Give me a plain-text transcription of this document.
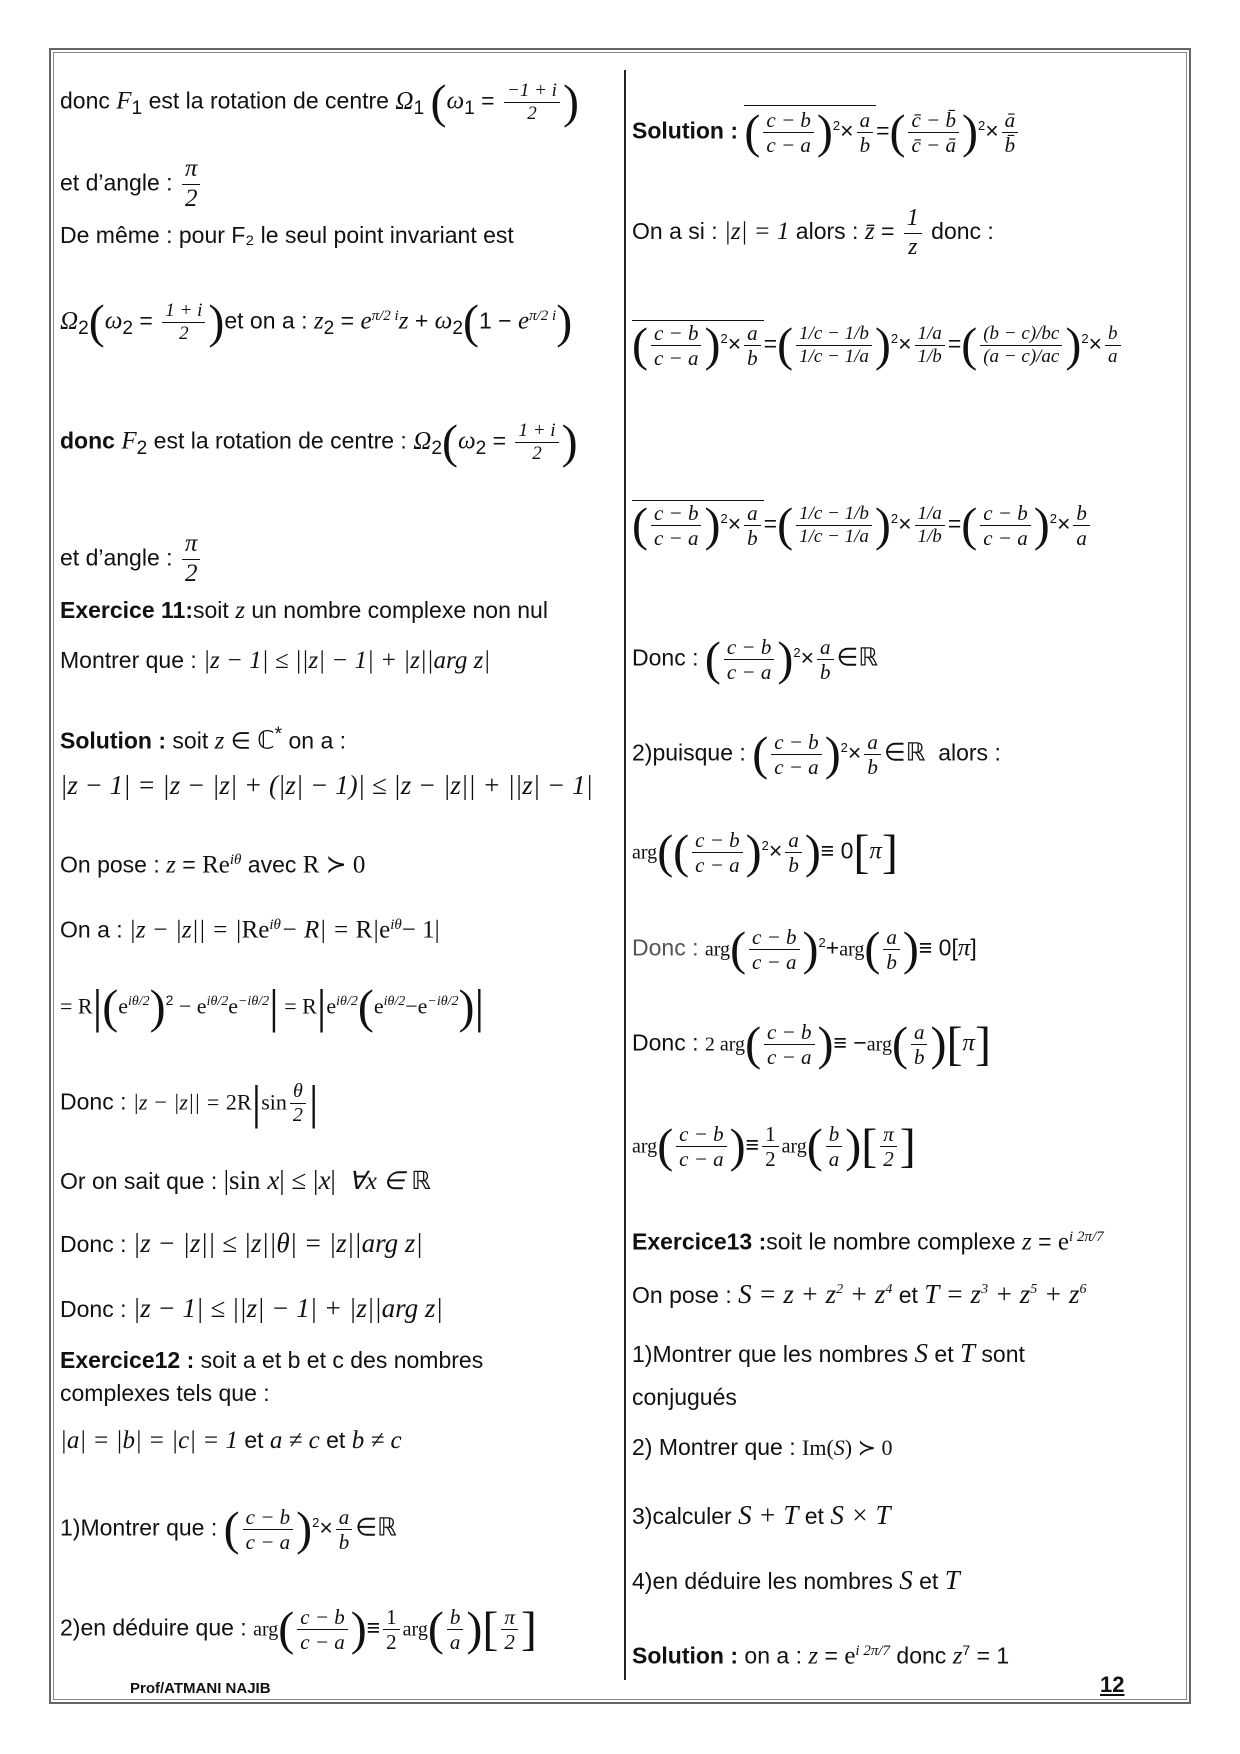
donc $F_1$ est la rotation de centre $\Omega_1$ ($\omega_1 = \frac{-1 + i}{2}$ )
et d’angle : $\frac{\pi}{2}$
De même : pour F₂ le seul point invariant est
$\Omega_2(\omega_2 = \frac{1 + i}{2} )et$ on a : $z_2 = e^{\pi/2 i}z + \omega_2(1 - e^{\pi/2 i})$
donc $F_2$ est la rotation de centre : $\Omega_2(\omega_2 = \frac{1 + i}{2}$ )
et d’angle : $\frac{\pi}{2}$
Exercice 11:soit z un nombre complexe non nul
Montrer que : |z − 1| ≤ ||z| − 1| + |z||arg z|
Solution : soit z ∈ ℂ* on a :
|z − 1| = |z − |z| + (|z| − 1)| ≤ |z − |z|| + ||z| − 1|
On pose : $z = Re^{i\theta}$ avec R ≻ 0
On a : $|z - |z|| = |Re^{i\theta}- R| = R|e^{i\theta}- 1|$
= $R|(e^{i\theta/2})^2 - e^{i\theta/2}e^{-i\theta/2}| = R|e^{i\theta/2}(e^{i\theta/2}-e^{-i\theta/2})|$
Donc : $|z - |z|| = 2R|\sin \frac{\theta}{2}$ |
Or on sait que : |sin x| ≤ |x| ∀x ∈ ℝ
Donc : |z − |z|| ≤ |z||θ| = |z||arg z|
Donc : |z − 1| ≤ ||z| − 1| + |z||arg z|
Exercice12 : soit a et b et c des nombres
complexes tels que :
|a| = |b| = |c| = 1 et a ≠ c et b ≠ c
1)Montrer que : ( $\frac{c - b}{c - a} )^2\times \frac{a}{b}$ ∈ℝ
2)en déduire que : $arg( \frac{c - b}{c - a}$ )≡ $\frac{1}{2} arg( \frac{b}{a}$ )[ $\frac{\pi}{2}$ ]
Solution : ( $\frac{c - b}{c - a} )^2\times \frac{a}{b}$ =( $\frac{c̄ - b̄}{c̄ - ā} )^2\times \frac{ā}{b̄}$
On a si : |z| = 1 alors : z̄ = $\frac{1}{z}$ donc :
( $\frac{c - b}{c - a} )^2\times \frac{a}{b}$ =( $\frac{1/c - 1/b}{1/c - 1/a} )^2\times \frac{1/a}{1/b}$ =( $\frac{(b - c)/bc}{(a - c)/ac} )^2\times \frac{b}{a}$
( $\frac{c - b}{c - a} )^2\times \frac{a}{b}$ =( $\frac{1/c - 1/b}{1/c - 1/a} )^2\times \frac{1/a}{1/b}$ =( $\frac{c - b}{c - a} )^2\times \frac{b}{a}$
Donc : ( $\frac{c - b}{c - a} )^2\times \frac{a}{b}$ ∈ℝ
2)puisque : ( $\frac{c - b}{c - a} )^2\times \frac{a}{b}$ ∈ℝ  alors :
$arg(( \frac{c - b}{c - a} )^2\times \frac{a}{b}$ )≡ 0[π]
Donc : $arg( \frac{c - b}{c - a} )^2+arg( \frac{a}{b}$ )≡ 0[π]
Donc : 2 $arg( \frac{c - b}{c - a}$ )≡ $-arg( \frac{a}{b} )[\pi]$
$arg( \frac{c - b}{c - a}$ )≡ $\frac{1}{2} arg( \frac{b}{a}$ )[ $\frac{\pi}{2}$ ]
Exercice13 :soit le nombre complexe $z = e^{i 2\pi/7}$
On pose : $S = z + z^2 + z^4$ et $T = z^3 + z^5 + z^6$
1)Montrer que les nombres S et T sont
conjugués
2) Montrer que : Im(S) ≻ 0
3)calculer S + T et S × T
4)en déduire les nombres S et T
Solution : on a : $z = e^{i 2\pi/7}$ donc $z^7 = 1$
Prof/ATMANI NAJIB	12
